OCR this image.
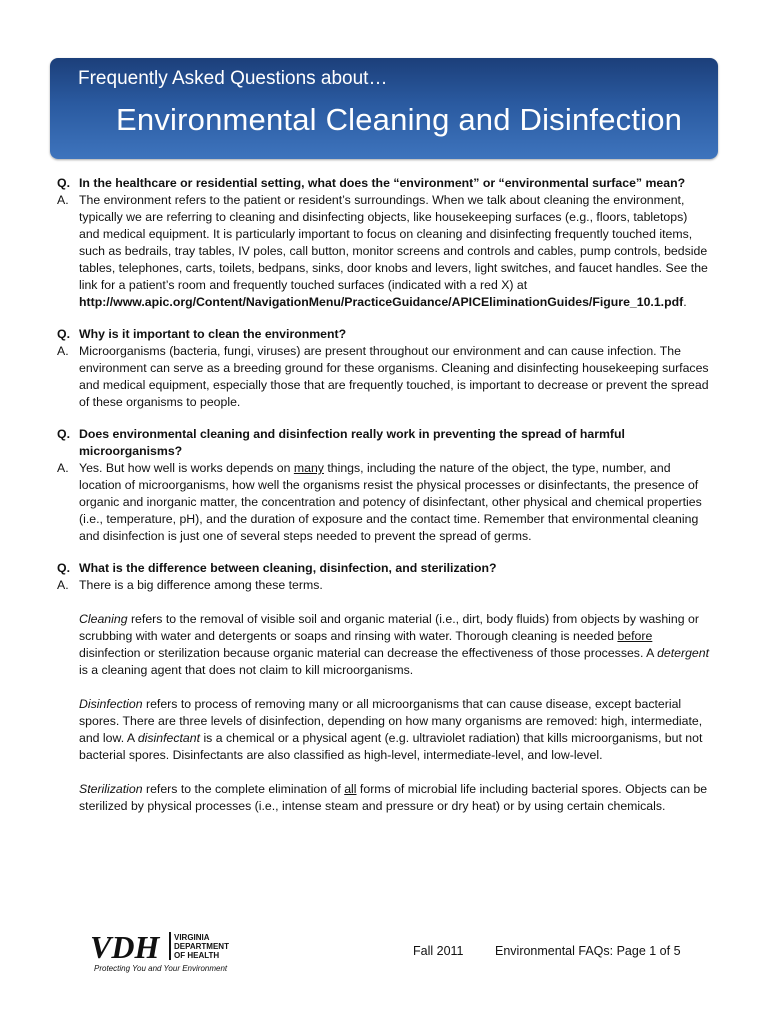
Frequently Asked Questions about…
Environmental Cleaning and Disinfection
Q. In the healthcare or residential setting, what does the “environment” or “environmental surface” mean?
A. The environment refers to the patient or resident’s surroundings. When we talk about cleaning the environment, typically we are referring to cleaning and disinfecting objects, like housekeeping surfaces (e.g., floors, tabletops) and medical equipment. It is particularly important to focus on cleaning and disinfecting frequently touched items, such as bedrails, tray tables, IV poles, call button, monitor screens and controls and cables, pump controls, bedside tables, telephones, carts, toilets, bedpans, sinks, door knobs and levers, light switches, and faucet handles. See the link for a patient’s room and frequently touched surfaces (indicated with a red X) at
http://www.apic.org/Content/NavigationMenu/PracticeGuidance/APICEliminationGuides/Figure_10.1.pdf.
Q. Why is it important to clean the environment?
A. Microorganisms (bacteria, fungi, viruses) are present throughout our environment and can cause infection. The environment can serve as a breeding ground for these organisms. Cleaning and disinfecting housekeeping surfaces and medical equipment, especially those that are frequently touched, is important to decrease or prevent the spread of these organisms to people.
Q. Does environmental cleaning and disinfection really work in preventing the spread of harmful microorganisms?
A. Yes. But how well is works depends on many things, including the nature of the object, the type, number, and location of microorganisms, how well the organisms resist the physical processes or disinfectants, the presence of organic and inorganic matter, the concentration and potency of disinfectant, other physical and chemical properties (i.e., temperature, pH), and the duration of exposure and the contact time. Remember that environmental cleaning and disinfection is just one of several steps needed to prevent the spread of germs.
Q. What is the difference between cleaning, disinfection, and sterilization?
A. There is a big difference among these terms.
Cleaning refers to the removal of visible soil and organic material (i.e., dirt, body fluids) from objects by washing or scrubbing with water and detergents or soaps and rinsing with water. Thorough cleaning is needed before disinfection or sterilization because organic material can decrease the effectiveness of those processes. A detergent is a cleaning agent that does not claim to kill microorganisms.
Disinfection refers to process of removing many or all microorganisms that can cause disease, except bacterial spores. There are three levels of disinfection, depending on how many organisms are removed: high, intermediate, and low. A disinfectant is a chemical or a physical agent (e.g. ultraviolet radiation) that kills microorganisms, but not bacterial spores. Disinfectants are also classified as high-level, intermediate-level, and low-level.
Sterilization refers to the complete elimination of all forms of microbial life including bacterial spores. Objects can be sterilized by physical processes (i.e., intense steam and pressure or dry heat) or by using certain chemicals.
VDH VIRGINIA
DEPARTMENT
OF HEALTH
Protecting You and Your Environment
Fall 2011	Environmental FAQs: Page 1 of 5
